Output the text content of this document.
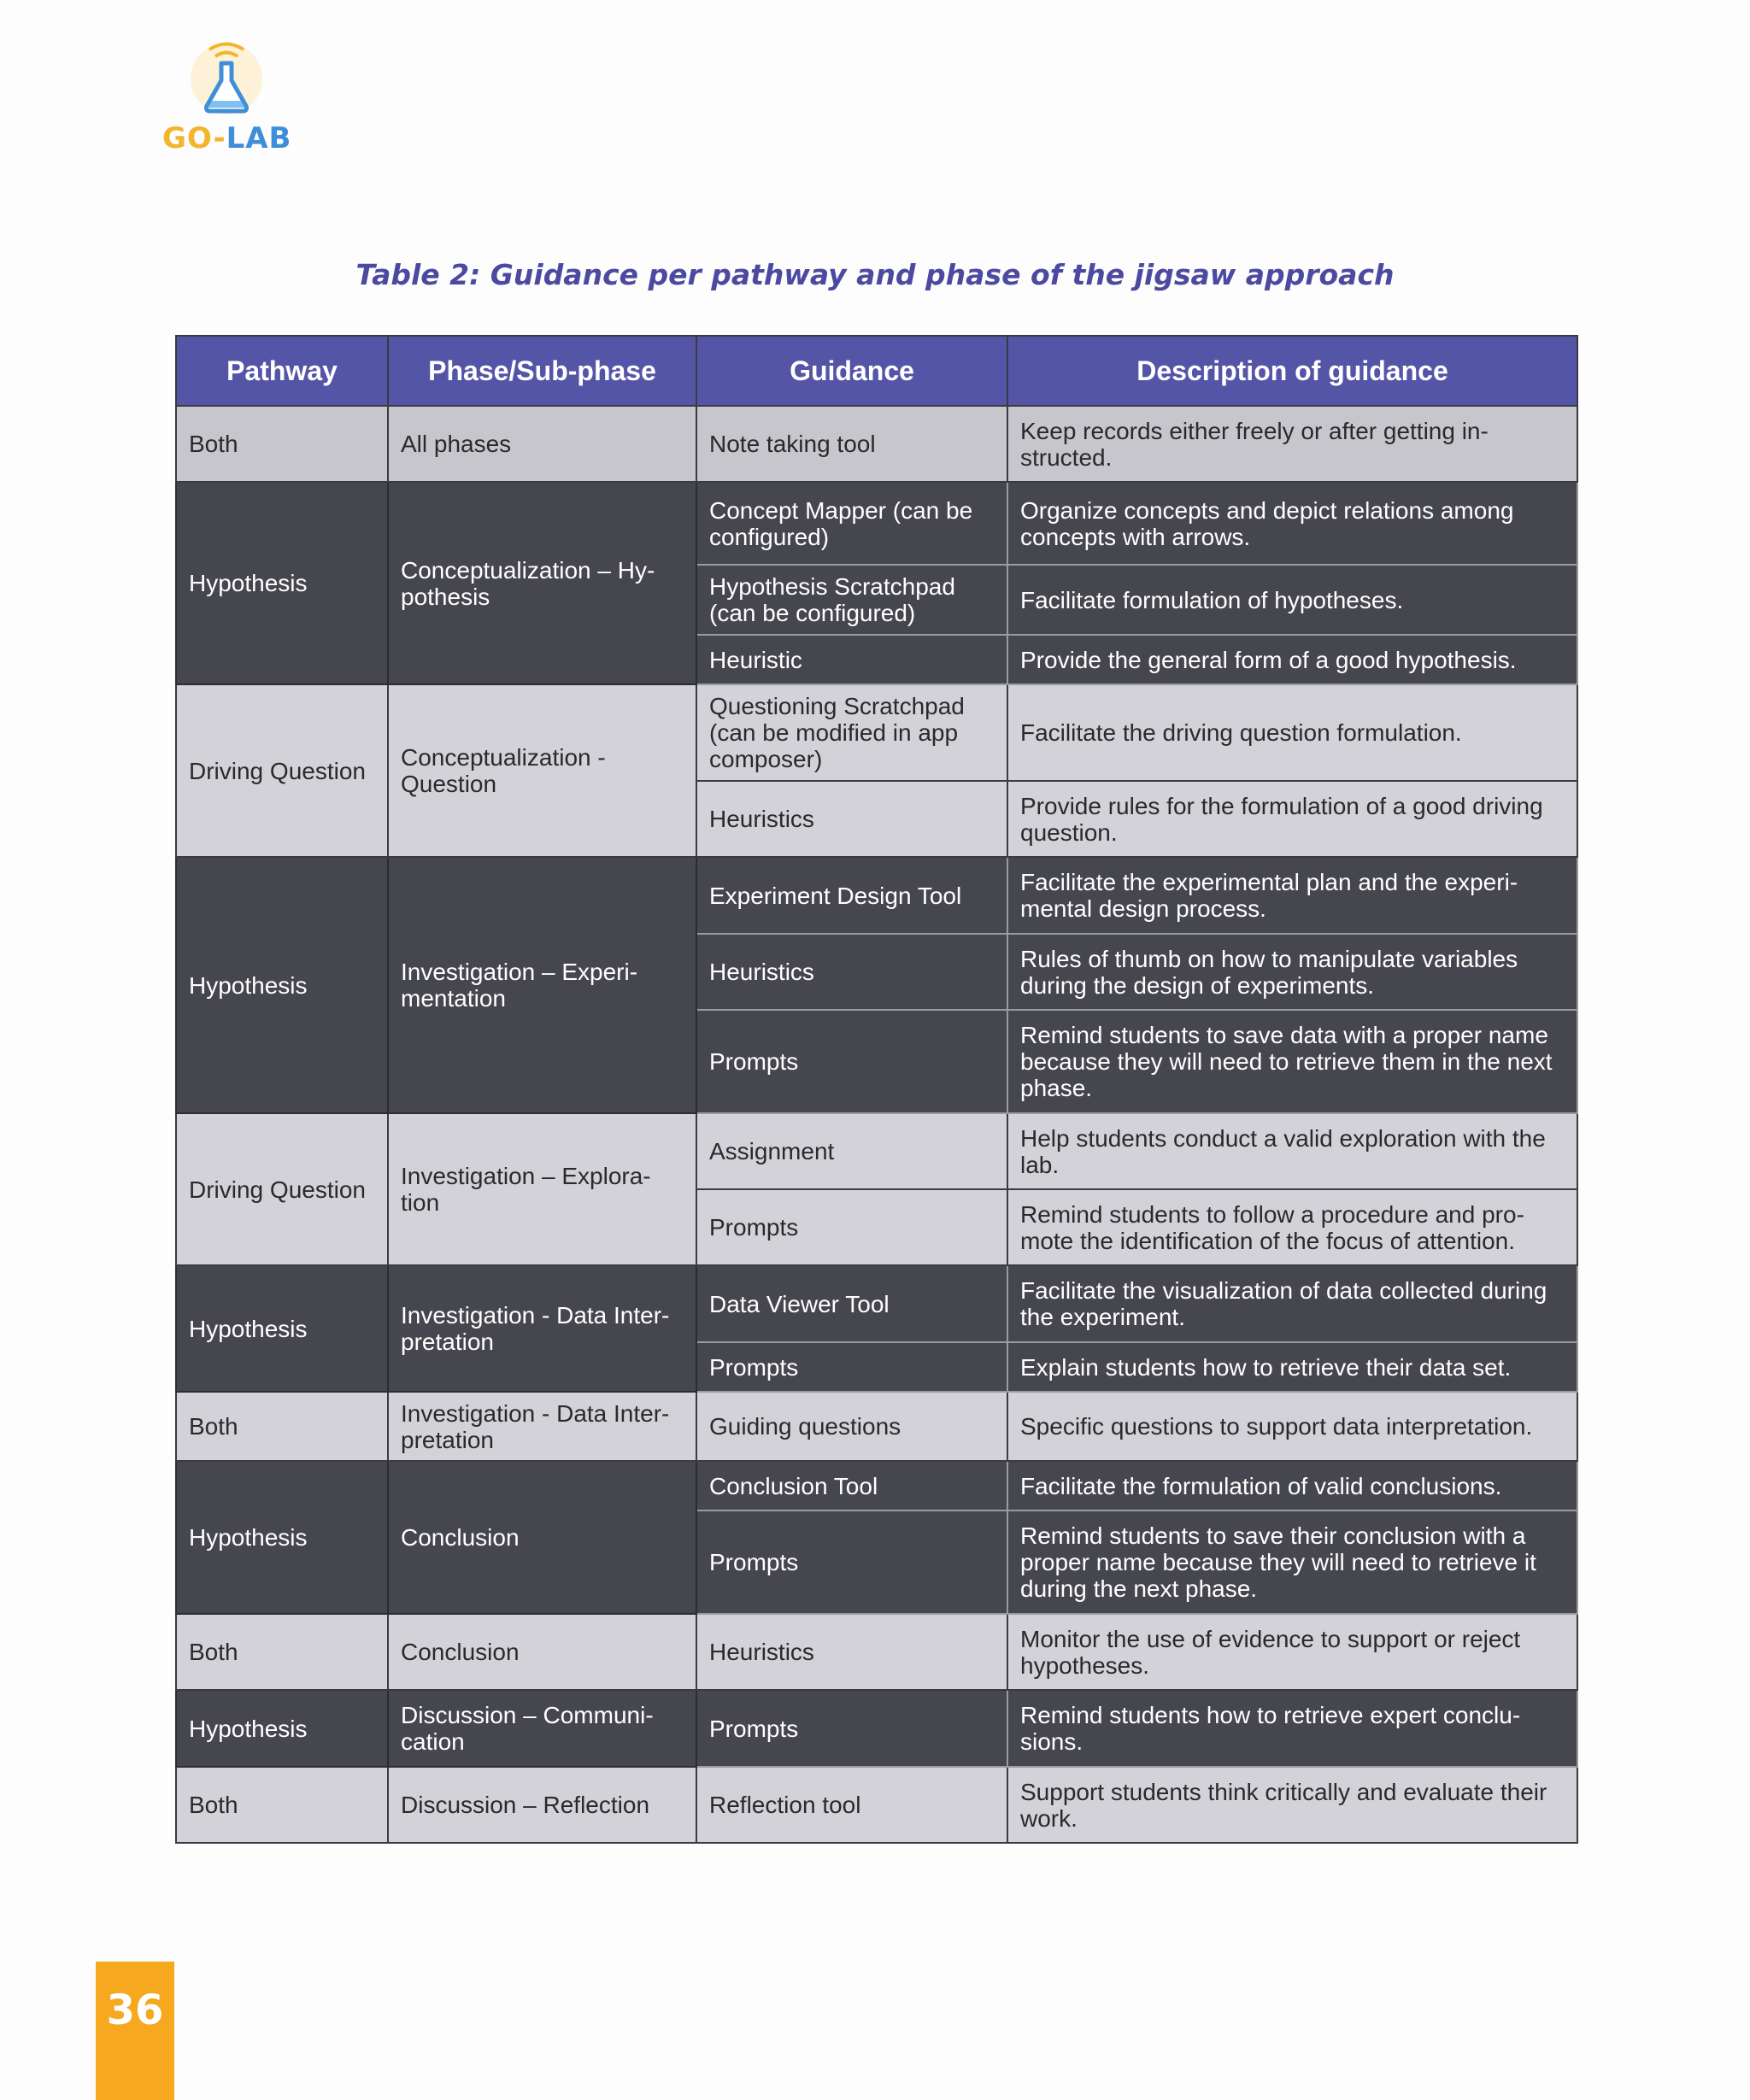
GO-LAB
Table 2: Guidance per pathway and phase of the jigsaw approach
Pathway	Phase/Sub-phase	Guidance	Description of guidance
Both	All phases	Note taking tool	Keep records either freely or after getting in-structed.
Hypothesis	Conceptualization – Hy-pothesis	Concept Mapper (can be configured)	Organize concepts and depict relations among concepts with arrows.
		Hypothesis Scratchpad (can be configured)	Facilitate formulation of hypotheses.
		Heuristic	Provide the general form of a good hypothesis.
Driving Question	Conceptualization - Question	Questioning Scratchpad (can be modified in app composer)	Facilitate the driving question formulation.
		Heuristics	Provide rules for the formulation of a good driving question.
Hypothesis	Investigation – Experi-mentation	Experiment Design Tool	Facilitate the experimental plan and the experi-mental design process.
		Heuristics	Rules of thumb on how to manipulate variables during the design of experiments.
		Prompts	Remind students to save data with a proper name because they will need to retrieve them in the next phase.
Driving Question	Investigation – Explora-tion	Assignment	Help students conduct a valid exploration with the lab.
		Prompts	Remind students to follow a procedure and pro-mote the identification of the focus of attention.
Hypothesis	Investigation - Data Inter-pretation	Data Viewer Tool	Facilitate the visualization of data collected during the experiment.
		Prompts	Explain students how to retrieve their data set.
Both	Investigation - Data Inter-pretation	Guiding questions	Specific questions to support data interpretation.
Hypothesis	Conclusion	Conclusion Tool	Facilitate the formulation of valid conclusions.
		Prompts	Remind students to save their conclusion with a proper name because they will need to retrieve it during the next phase.
Both	Conclusion	Heuristics	Monitor the use of evidence to support or reject hypotheses.
Hypothesis	Discussion – Communi-cation	Prompts	Remind students how to retrieve expert conclu-sions.
Both	Discussion – Reflection	Reflection tool	Support students think critically and evaluate their work.
36
